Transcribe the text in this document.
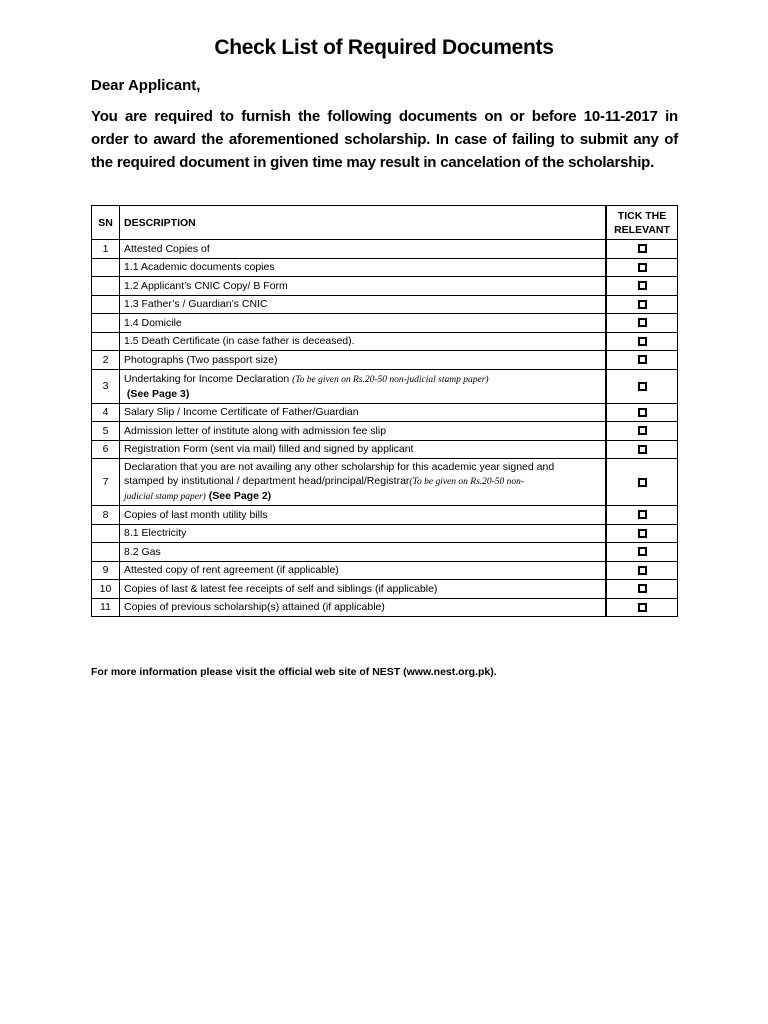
Check List of Required Documents
Dear Applicant,
You are required to furnish the following documents on or before 10-11-2017 in order to award the aforementioned scholarship. In case of failing to submit any of the required document in given time may result in cancelation of the scholarship.
SN	DESCRIPTION	TICK THE
RELEVANT

1	Attested Copies of	
	1.1 Academic documents copies	
	1.2 Applicant’s CNIC Copy/ B Form	
	1.3 Father’s / Guardian’s CNIC	
	1.4 Domicile	
	1.5 Death Certificate (in case father is deceased).	
2	Photographs (Two passport size)	
3	Undertaking for Income Declaration (To be given on Rs.20-50 non-judicial stamp paper)
(See Page 3)	

4	Salary Slip / Income Certificate of Father/Guardian	
5	Admission letter of institute along with admission fee slip	
6	Registration Form (sent via mail) filled and signed by applicant	
7	Declaration that you are not availing any other scholarship for this academic year signed and
stamped by institutional / department head/principal/Registrar(To be given on Rs.20-50 non-
judicial stamp paper) (See Page 2)	

8	Copies of last month utility bills	
	8.1 Electricity	
	8.2 Gas	
9	Attested copy of rent agreement (if applicable)	
10	Copies of last & latest fee receipts of self and siblings (if applicable)	
11	Copies of previous scholarship(s) attained (if applicable)	
For more information please visit the official web site of NEST (www.nest.org.pk).
